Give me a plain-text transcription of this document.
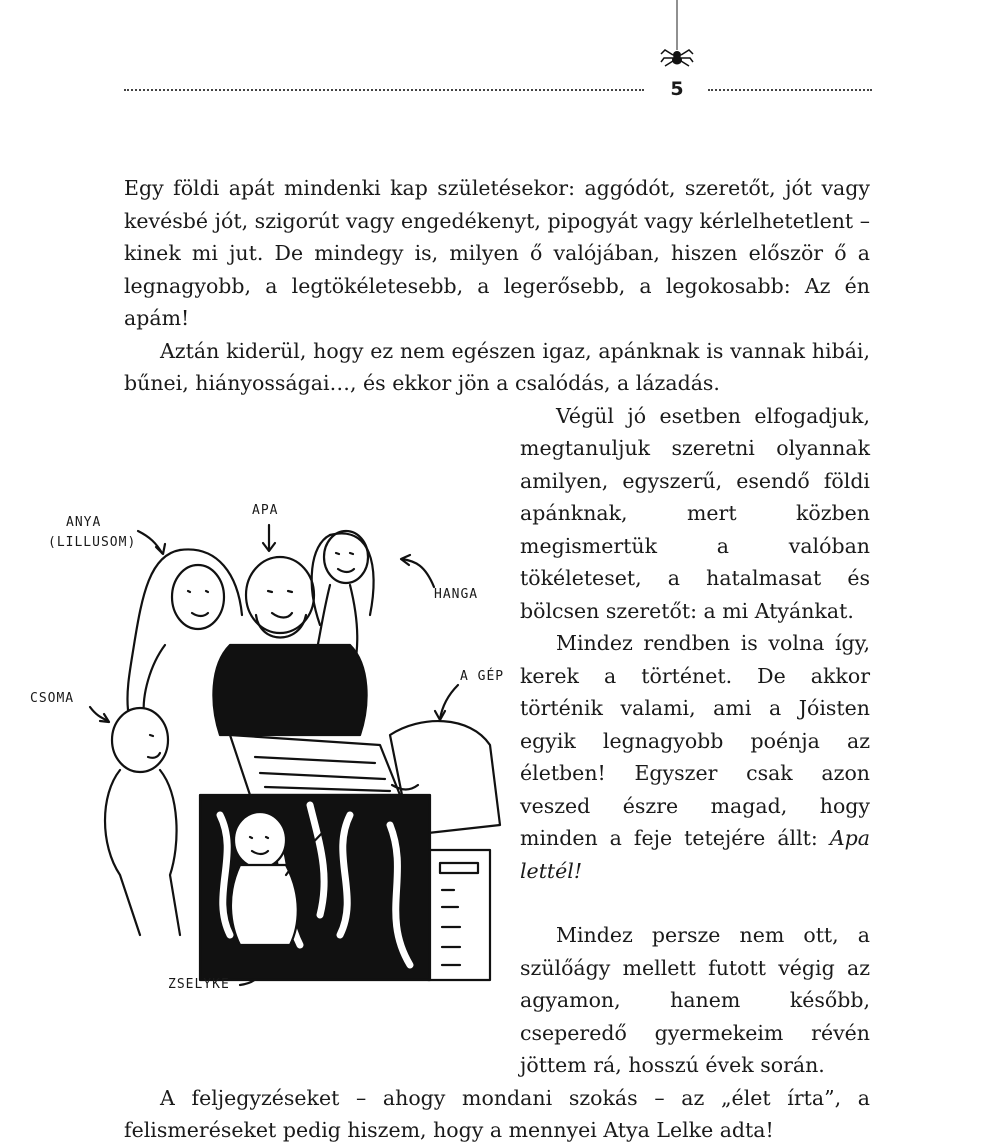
5
ANYA
(LILLUSOM)
APA
HANGA
CSOMA
A GÉP
ZSELYKE

Egy földi apát mindenki kap születésekor: aggódót, szeretőt, jót vagy kevésbé jót, szigorút vagy engedékenyt, pipogyát vagy kérlelhetetlent – kinek mi jut. De mindegy is, milyen ő valójában, hiszen először ő a legnagyobb, a legtökéletesebb, a legerősebb, a legokosabb: Az én apám!

Aztán kiderül, hogy ez nem egészen igaz, apánknak is vannak hibái, bűnei, hiányosságai…, és ekkor jön a csalódás, a lázadás.

Végül jó esetben elfogadjuk, megtanuljuk szeretni olyannak amilyen, egyszerű, esendő földi apánknak, mert közben megismertük a valóban tökéleteset, a hatalmasat és bölcsen szeretőt: a mi Atyánkat.

Mindez rendben is volna így, kerek a történet. De akkor történik valami, ami a Jóisten egyik legnagyobb poénja az életben! Egyszer csak azon veszed észre magad, hogy minden a feje tetejére állt: Apa lettél!

Mindez persze nem ott, a szülőágy mellett futott végig az agyamon, hanem később, cseperedő gyermekeim révén jöttem rá, hosszú évek során.

A feljegyzéseket – ahogy mondani szokás – az „élet írta”, a felismeréseket pedig hiszem, hogy a mennyei Atya Lelke adta!
